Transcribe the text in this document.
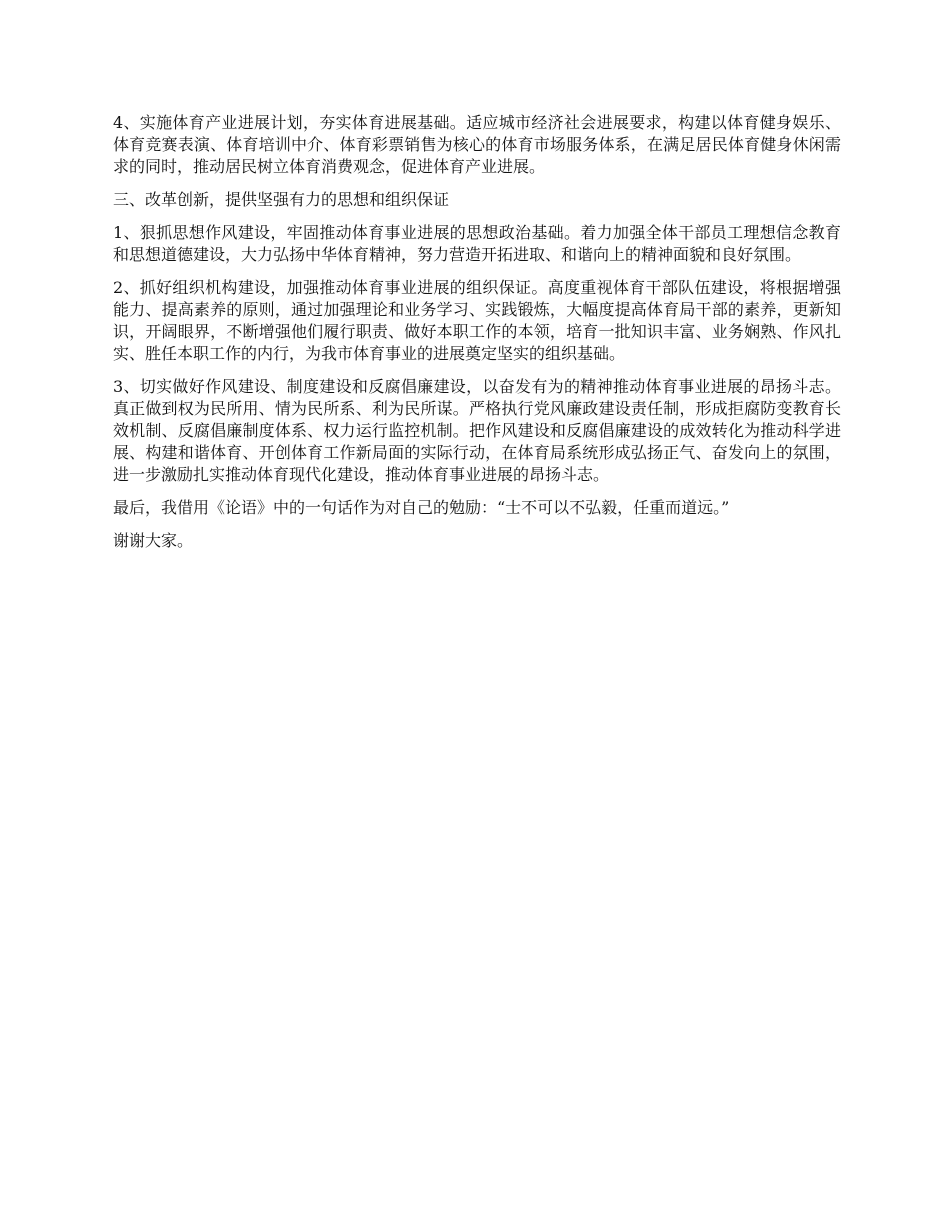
4、实施体育产业进展计划，夯实体育进展基础。适应城市经济社会进展要求，构建以体育健身娱乐、体育竞赛表演、体育培训中介、体育彩票销售为核心的体育市场服务体系，在满足居民体育健身休闲需求的同时，推动居民树立体育消费观念，促进体育产业进展。

三、改革创新，提供坚强有力的思想和组织保证

1、狠抓思想作风建设，牢固推动体育事业进展的思想政治基础。着力加强全体干部员工理想信念教育和思想道德建设，大力弘扬中华体育精神，努力营造开拓进取、和谐向上的精神面貌和良好氛围。

2、抓好组织机构建设，加强推动体育事业进展的组织保证。高度重视体育干部队伍建设，将根据增强能力、提高素养的原则，通过加强理论和业务学习、实践锻炼，大幅度提高体育局干部的素养，更新知识，开阔眼界，不断增强他们履行职责、做好本职工作的本领，培育一批知识丰富、业务娴熟、作风扎实、胜任本职工作的内行，为我市体育事业的进展奠定坚实的组织基础。

3、切实做好作风建设、制度建设和反腐倡廉建设，以奋发有为的精神推动体育事业进展的昂扬斗志。真正做到权为民所用、情为民所系、利为民所谋。严格执行党风廉政建设责任制，形成拒腐防变教育长效机制、反腐倡廉制度体系、权力运行监控机制。把作风建设和反腐倡廉建设的成效转化为推动科学进展、构建和谐体育、开创体育工作新局面的实际行动，在体育局系统形成弘扬正气、奋发向上的氛围，进一步激励扎实推动体育现代化建设，推动体育事业进展的昂扬斗志。

最后，我借用《论语》中的一句话作为对自己的勉励：“士不可以不弘毅，任重而道远。”

谢谢大家。
